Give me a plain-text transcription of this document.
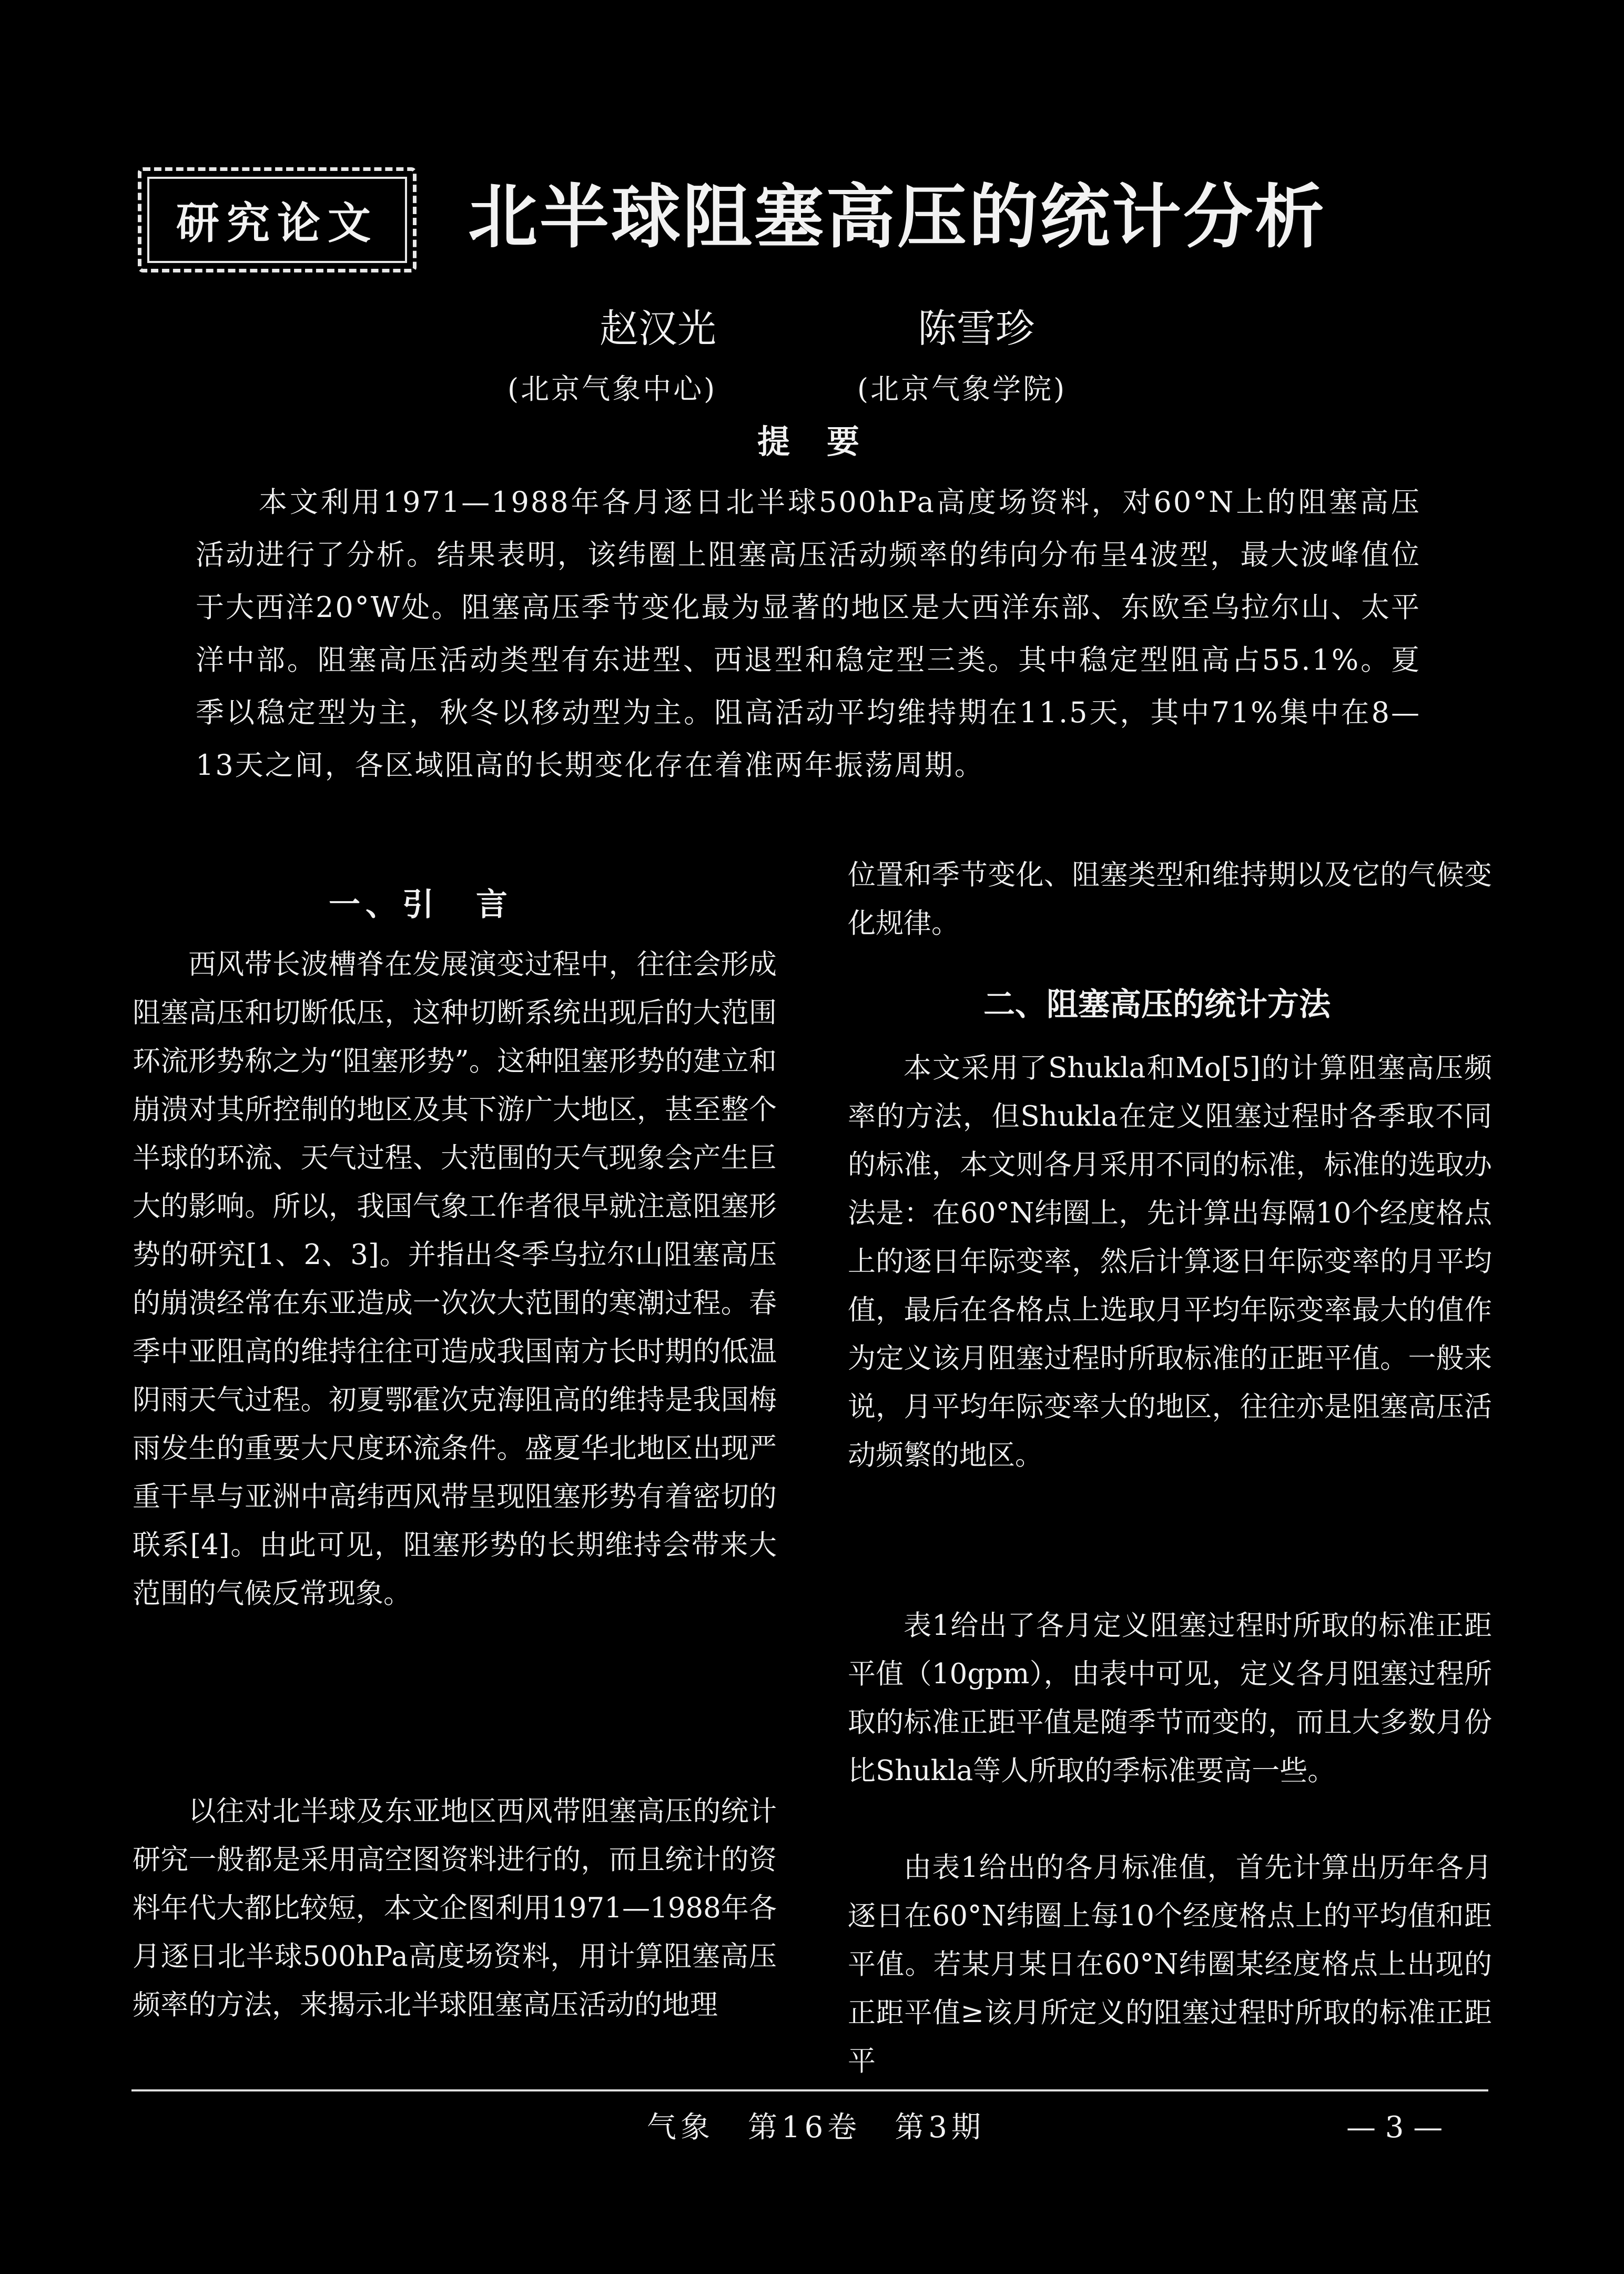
研究论文	北半球阻塞高压的统计分析
赵汉光	陈雪珍
(北京气象中心)	(北京气象学院)
提要

本文利用1971—1988年各月逐日北半球500hPa高度场资料，对60°N上的阻塞高压活动进行了分析。结果表明，该纬圈上阻塞高压活动频率的纬向分布呈4波型，最大波峰值位于大西洋20°W处。阻塞高压季节变化最为显著的地区是大西洋东部、东欧至乌拉尔山、太平洋中部。阻塞高压活动类型有东进型、西退型和稳定型三类。其中稳定型阻高占55.1%。夏季以稳定型为主，秋冬以移动型为主。阻高活动平均维持期在11.5天，其中71%集中在8—13天之间，各区域阻高的长期变化存在着准两年振荡周期。

一、引　言

西风带长波槽脊在发展演变过程中，往往会形成阻塞高压和切断低压，这种切断系统出现后的大范围环流形势称之为“阻塞形势”。这种阻塞形势的建立和崩溃对其所控制的地区及其下游广大地区，甚至整个半球的环流、天气过程、大范围的天气现象会产生巨大的影响。所以，我国气象工作者很早就注意阻塞形势的研究[1、2、3]。并指出冬季乌拉尔山阻塞高压的崩溃经常在东亚造成一次次大范围的寒潮过程。春季中亚阻高的维持往往可造成我国南方长时期的低温阴雨天气过程。初夏鄂霍次克海阻高的维持是我国梅雨发生的重要大尺度环流条件。盛夏华北地区出现严重干旱与亚洲中高纬西风带呈现阻塞形势有着密切的联系[4]。由此可见，阻塞形势的长期维持会带来大范围的气候反常现象。

以往对北半球及东亚地区西风带阻塞高压的统计研究一般都是采用高空图资料进行的，而且统计的资料年代大都比较短，本文企图利用1971—1988年各月逐日北半球500hPa高度场资料，用计算阻塞高压频率的方法，来揭示北半球阻塞高压活动的地理

位置和季节变化、阻塞类型和维持期以及它的气候变化规律。

二、阻塞高压的统计方法

本文采用了Shukla和Mo[5]的计算阻塞高压频率的方法，但Shukla在定义阻塞过程时各季取不同的标准，本文则各月采用不同的标准，标准的选取办法是：在60°N纬圈上，先计算出每隔10个经度格点上的逐日年际变率，然后计算逐日年际变率的月平均值，最后在各格点上选取月平均年际变率最大的值作为定义该月阻塞过程时所取标准的正距平值。一般来说，月平均年际变率大的地区，往往亦是阻塞高压活动频繁的地区。

表1给出了各月定义阻塞过程时所取的标准正距平值（10gpm），由表中可见，定义各月阻塞过程所取的标准正距平值是随季节而变的，而且大多数月份比Shukla等人所取的季标准要高一些。

由表1给出的各月标准值，首先计算出历年各月逐日在60°N纬圈上每10个经度格点上的平均值和距平值。若某月某日在60°N纬圈某经度格点上出现的正距平值≥该月所定义的阻塞过程时所取的标准正距平

气象　第16卷　第3期	— 3 —
